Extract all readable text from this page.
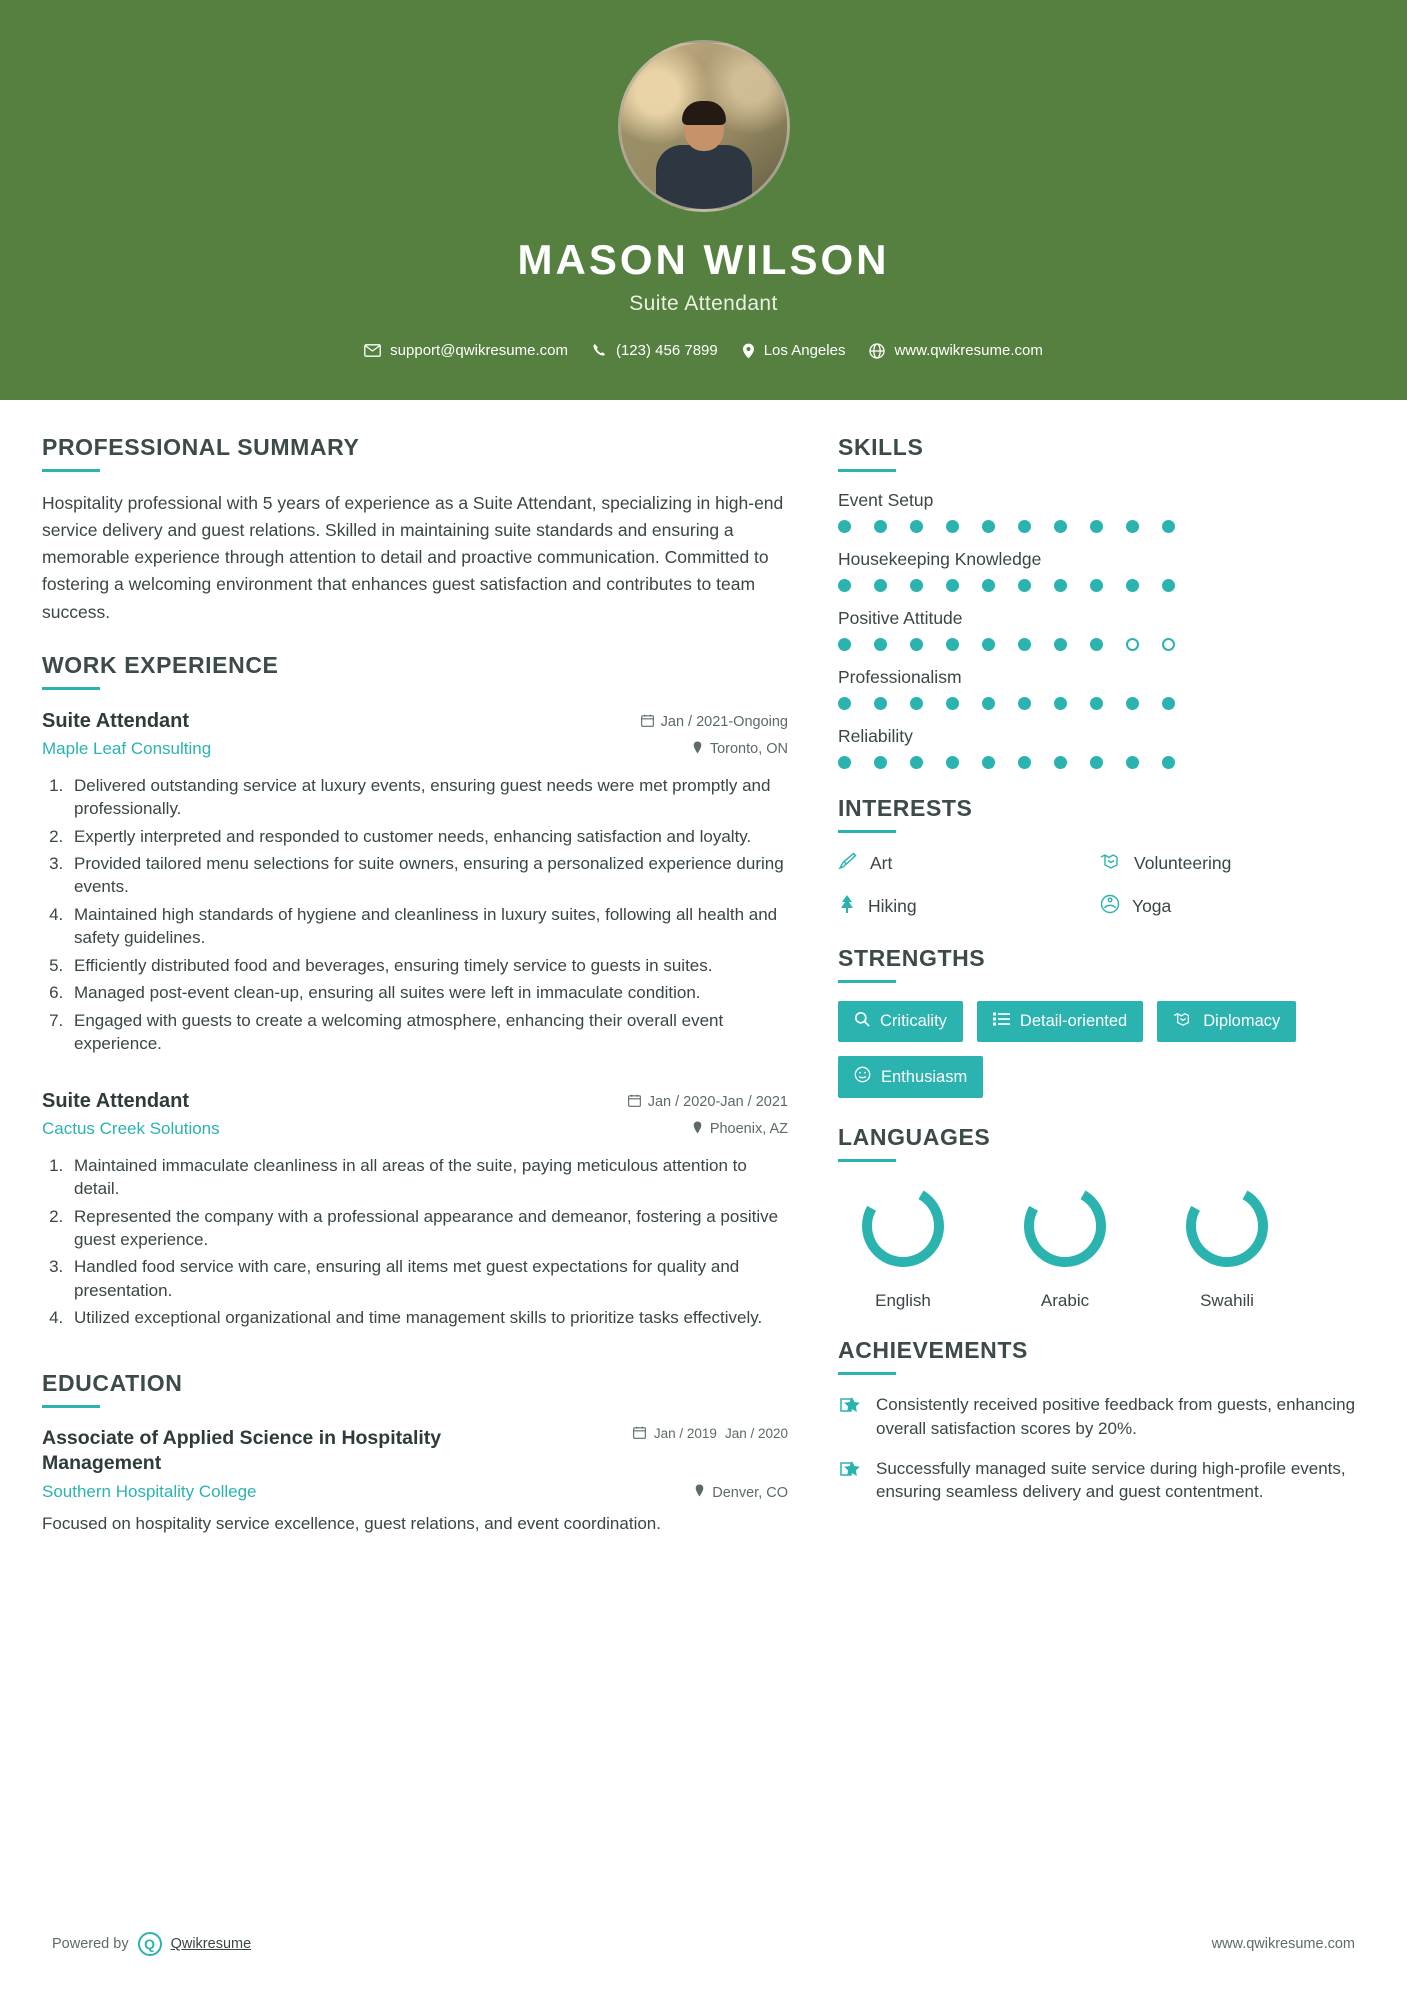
MASON WILSON
Suite Attendant
support@qwikresume.com	(123) 456 7899	Los Angeles	www.qwikresume.com
PROFESSIONAL SUMMARY

Hospitality professional with 5 years of experience as a Suite Attendant, specializing in high-end service delivery and guest relations. Skilled in maintaining suite standards and ensuring a memorable experience through attention to detail and proactive communication. Committed to fostering a welcoming environment that enhances guest satisfaction and contributes to team success.

WORK EXPERIENCE
Suite Attendant	Jan / 2021-Ongoing
Maple Leaf Consulting	Toronto, ON
1. Delivered outstanding service at luxury events, ensuring guest needs were met promptly and professionally.
2. Expertly interpreted and responded to customer needs, enhancing satisfaction and loyalty.
3. Provided tailored menu selections for suite owners, ensuring a personalized experience during events.
4. Maintained high standards of hygiene and cleanliness in luxury suites, following all health and safety guidelines.
5. Efficiently distributed food and beverages, ensuring timely service to guests in suites.
6. Managed post-event clean-up, ensuring all suites were left in immaculate condition.
7. Engaged with guests to create a welcoming atmosphere, enhancing their overall event experience.
Suite Attendant	Jan / 2020-Jan / 2021
Cactus Creek Solutions	Phoenix, AZ
1. Maintained immaculate cleanliness in all areas of the suite, paying meticulous attention to detail.
2. Represented the company with a professional appearance and demeanor, fostering a positive guest experience.
3. Handled food service with care, ensuring all items met guest expectations for quality and presentation.
4. Utilized exceptional organizational and time management skills to prioritize tasks effectively.
EDUCATION
Associate of Applied Science in Hospitality Management
Jan / 2019 Jan / 2020
Southern Hospitality College	Denver, CO
Focused on hospitality service excellence, guest relations, and event coordination.
SKILLS
Event Setup
Housekeeping Knowledge
Positive Attitude
Professionalism
Reliability
INTERESTS
Art	Volunteering
Hiking	Yoga
STRENGTHS
Criticality	Detail-oriented	Diplomacy
Enthusiasm
LANGUAGES
English	Arabic	Swahili
ACHIEVEMENTS
Consistently received positive feedback from guests, enhancing overall satisfaction scores by 20%.
Successfully managed suite service during high-profile events, ensuring seamless delivery and guest contentment.
Powered by	Q	Qwikresume	www.qwikresume.com
